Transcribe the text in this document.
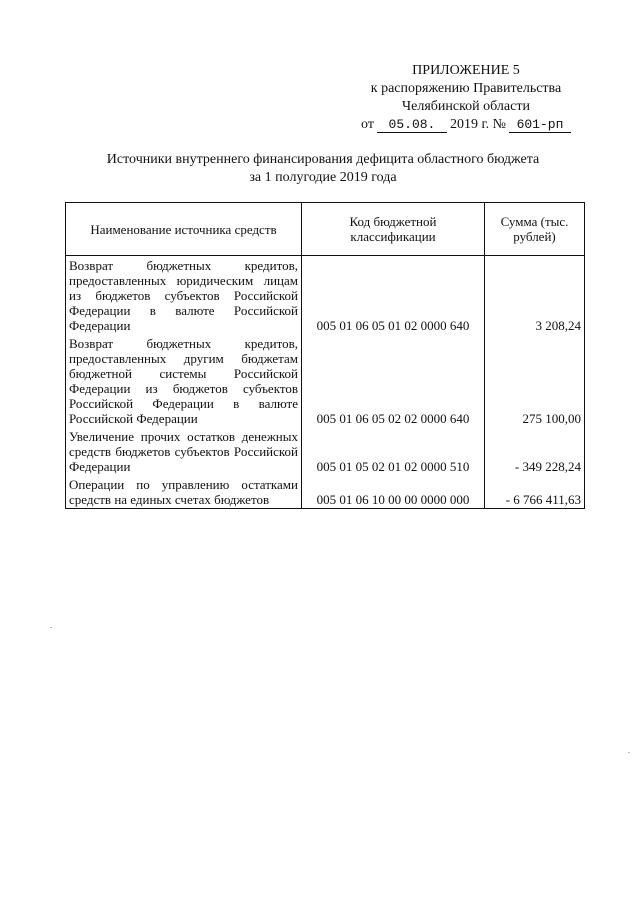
ПРИЛОЖЕНИЕ 5
к распоряжению Правительства
Челябинской области
от	05.08.	2019 г. № 601-рп
Источники внутреннего финансирования дефицита областного бюджета
за 1 полугодие 2019 года
Наименование источника средств	Код бюджетной классификации	Сумма (тыс. рублей)
Возврат бюджетных кредитов, предоставленных юридическим лицам из бюджетов субъектов Российской Федерации в валюте Российской Федерации	005 01 06 05 01 02 0000 640	3 208,24
Возврат бюджетных кредитов, предоставленных другим бюджетам бюджетной системы Российской Федерации из бюджетов субъектов Российской Федерации в валюте Российской Федерации	005 01 06 05 02 02 0000 640	275 100,00
Увеличение прочих остатков денежных средств бюджетов субъектов Российской Федерации	005 01 05 02 01 02 0000 510	- 349 228,24
Операции по управлению остатками средств на единых счетах бюджетов	005 01 06 10 00 00 0000 000	- 6 766 411,63
